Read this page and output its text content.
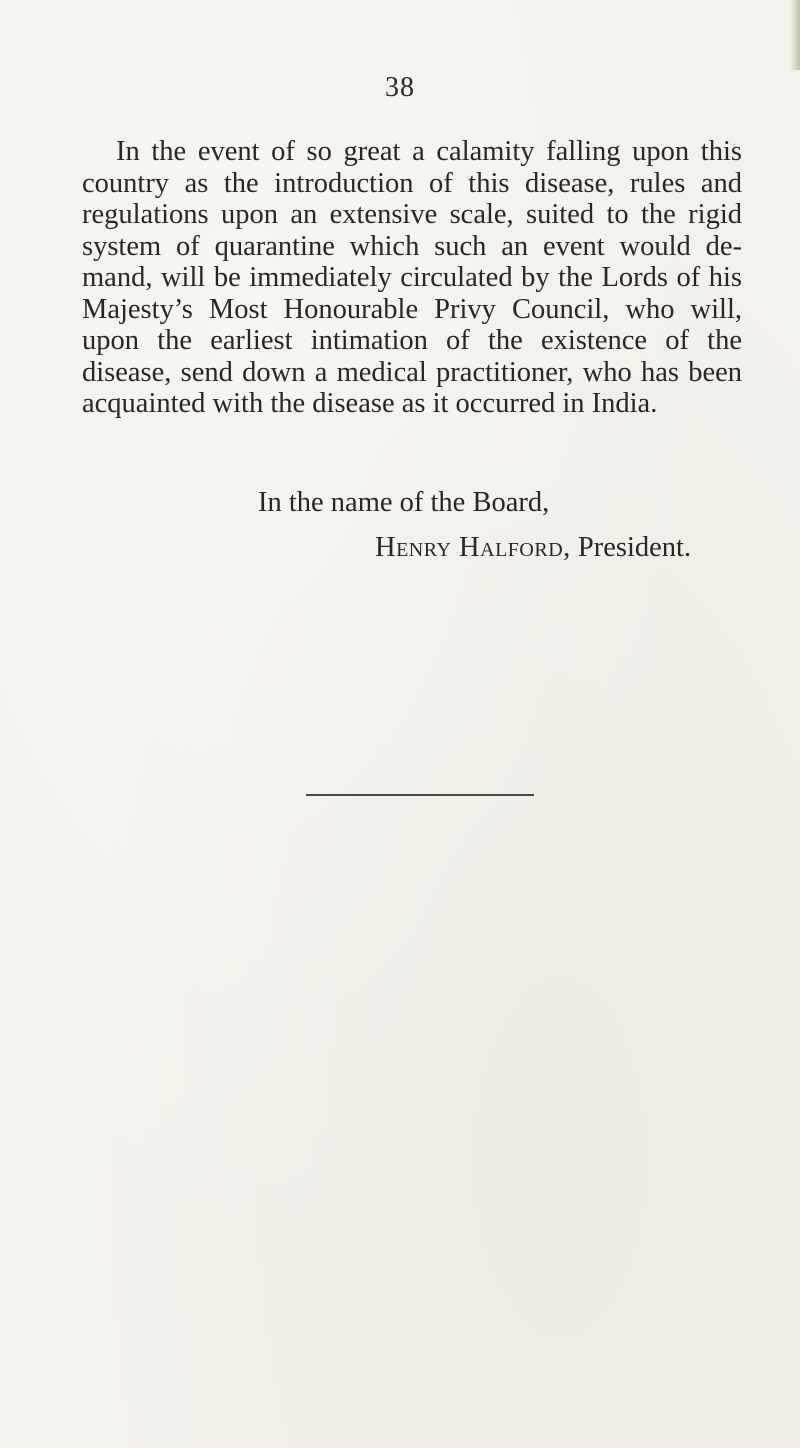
38

In the event of so great a calamity falling upon this country as the introduction of this disease, rules and regulations upon an extensive scale, suited to the rigid system of quarantine which such an event would de-mand, will be immediately circulated by the Lords of his Majesty’s Most Honourable Privy Council, who will, upon the earliest intimation of the existence of the disease, send down a medical practitioner, who has been acquainted with the disease as it occurred in India.

In the name of the Board,
Henry Halford, President.
